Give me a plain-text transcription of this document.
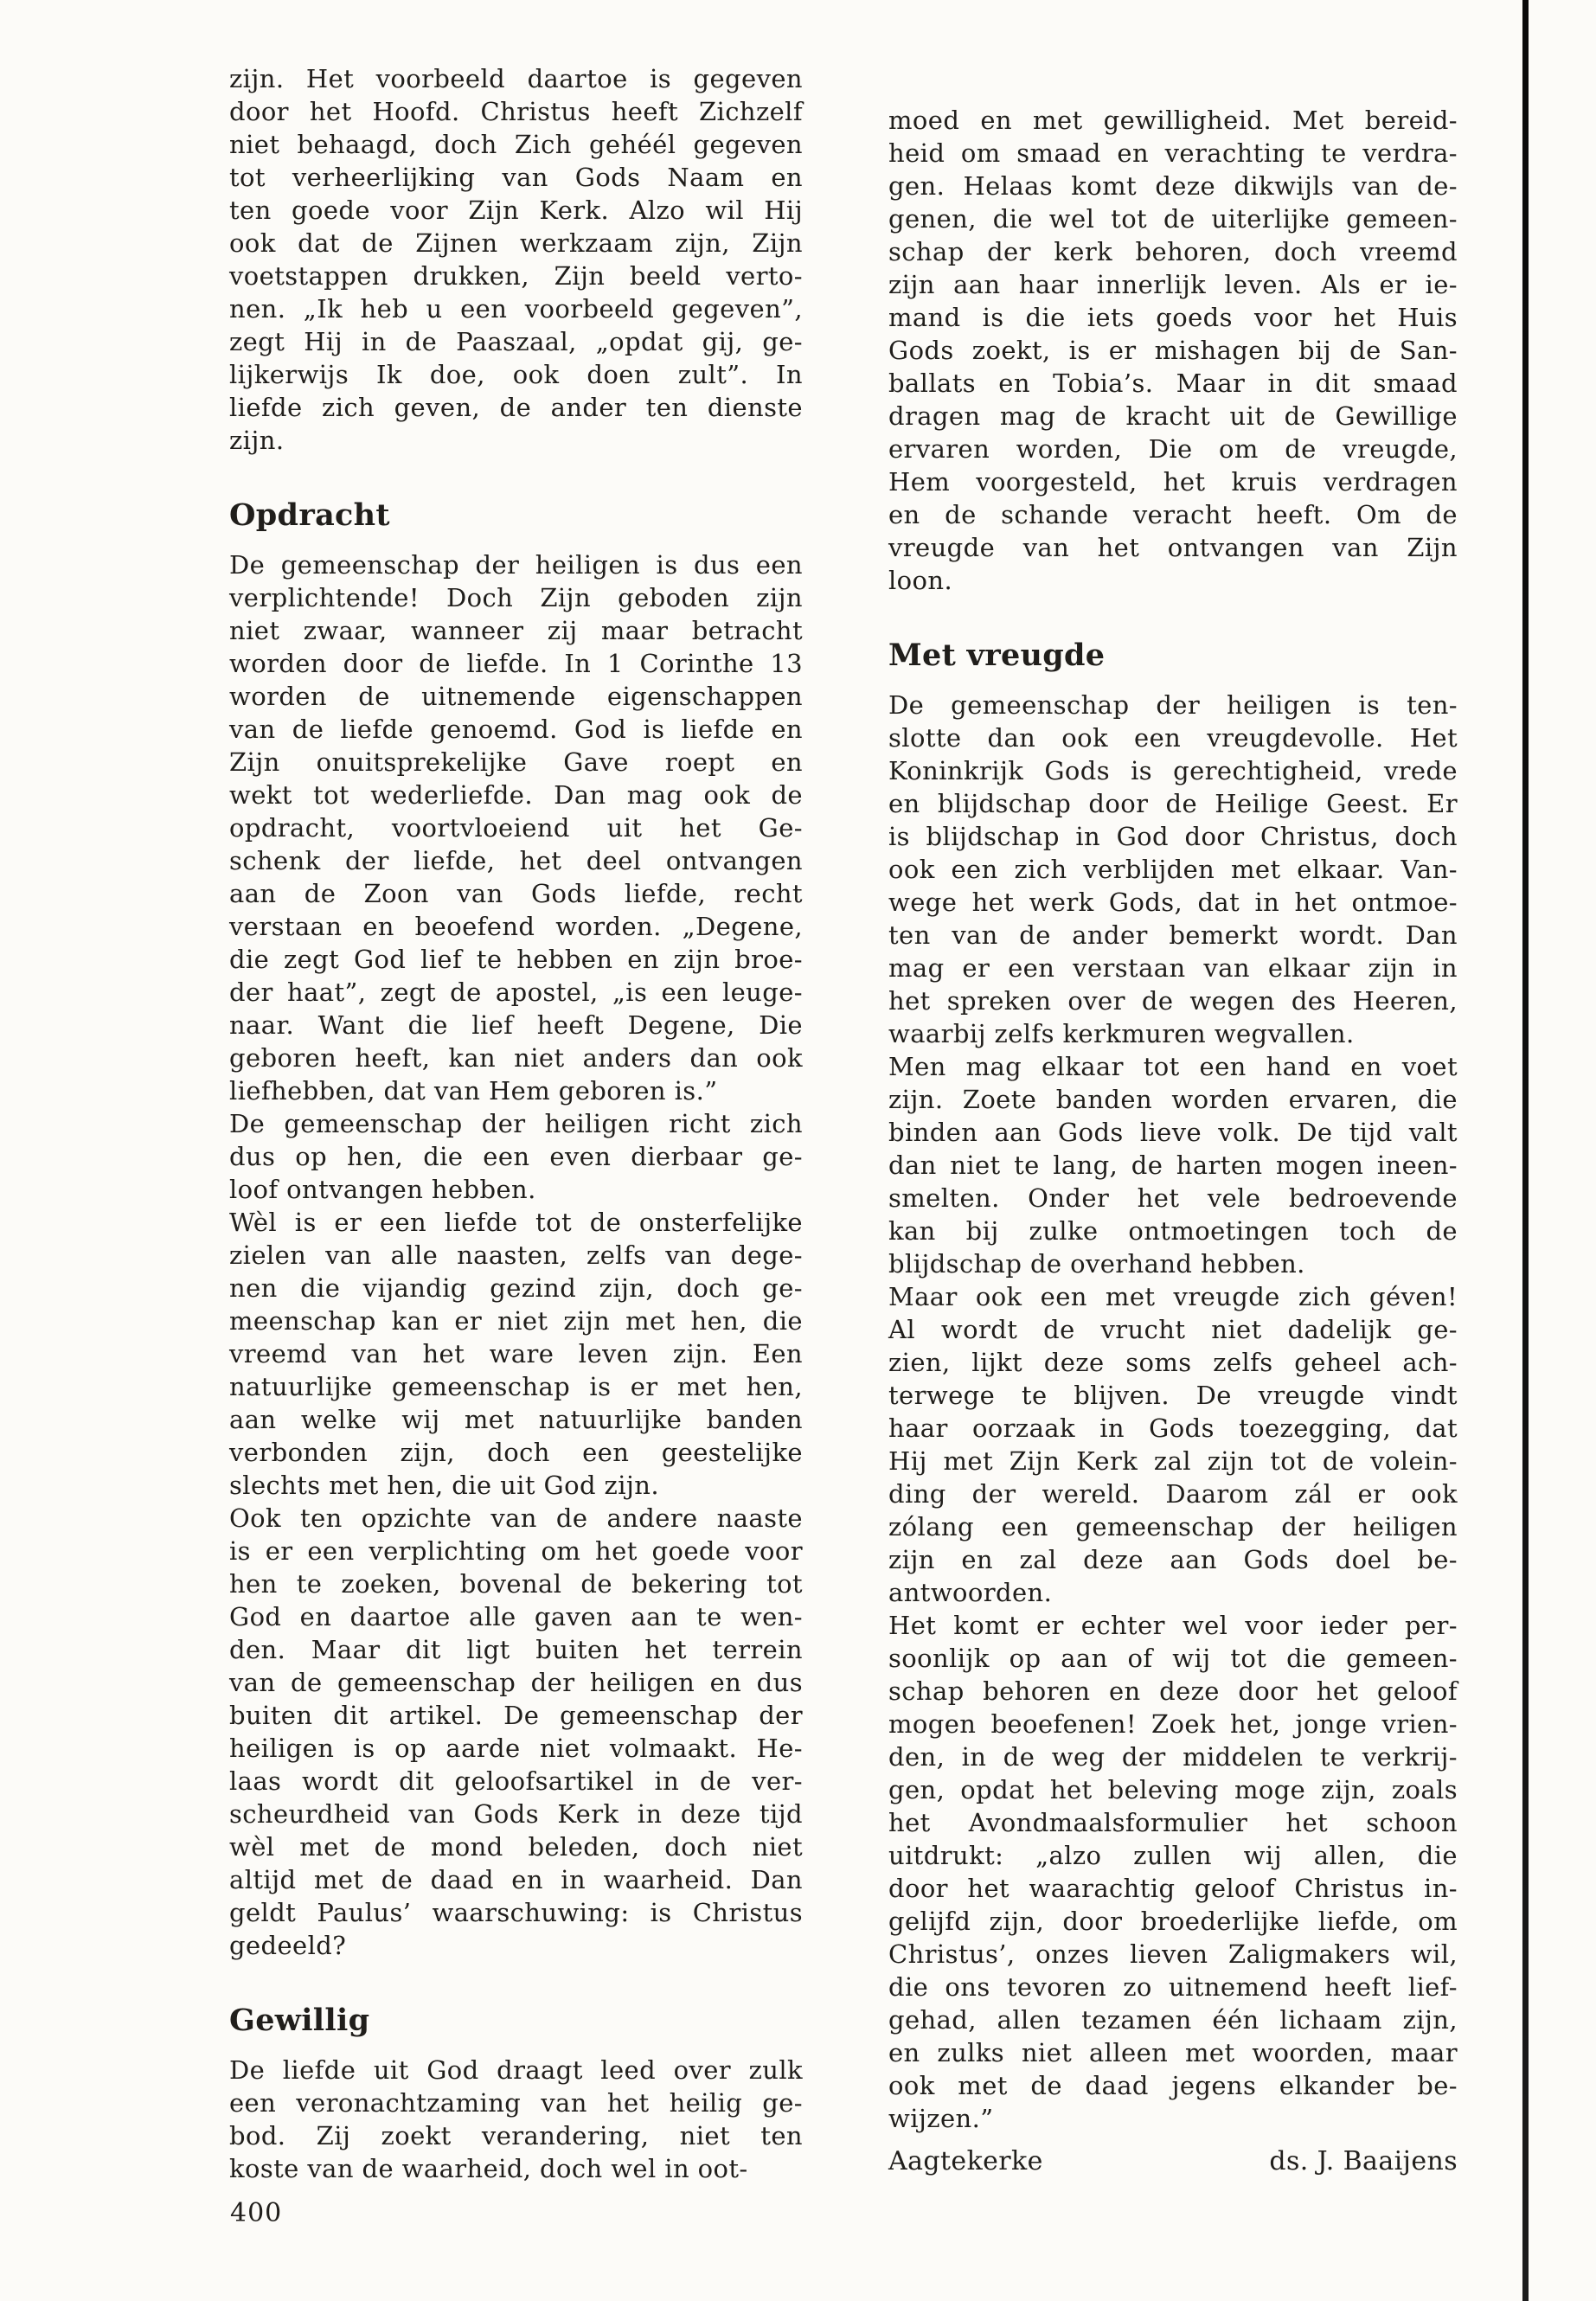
zijn. Het voorbeeld daartoe is gegeven
door het Hoofd. Christus heeft Zichzelf
niet behaagd, doch Zich gehéél gegeven
tot verheerlijking van Gods Naam en
ten goede voor Zijn Kerk. Alzo wil Hij
ook dat de Zijnen werkzaam zijn, Zijn
voetstappen drukken, Zijn beeld verto-
nen. „Ik heb u een voorbeeld gegeven”,
zegt Hij in de Paaszaal, „opdat gij, ge-
lijkerwijs Ik doe, ook doen zult”. In
liefde zich geven, de ander ten dienste
zijn.
Opdracht
De gemeenschap der heiligen is dus een
verplichtende! Doch Zijn geboden zijn
niet zwaar, wanneer zij maar betracht
worden door de liefde. In 1 Corinthe 13
worden de uitnemende eigenschappen
van de liefde genoemd. God is liefde en
Zijn onuitsprekelijke Gave roept en
wekt tot wederliefde. Dan mag ook de
opdracht, voortvloeiend uit het Ge-
schenk der liefde, het deel ontvangen
aan de Zoon van Gods liefde, recht
verstaan en beoefend worden. „Degene,
die zegt God lief te hebben en zijn broe-
der haat”, zegt de apostel, „is een leuge-
naar. Want die lief heeft Degene, Die
geboren heeft, kan niet anders dan ook
liefhebben, dat van Hem geboren is.”
De gemeenschap der heiligen richt zich
dus op hen, die een even dierbaar ge-
loof ontvangen hebben.
Wèl is er een liefde tot de onsterfelijke
zielen van alle naasten, zelfs van dege-
nen die vijandig gezind zijn, doch ge-
meenschap kan er niet zijn met hen, die
vreemd van het ware leven zijn. Een
natuurlijke gemeenschap is er met hen,
aan welke wij met natuurlijke banden
verbonden zijn, doch een geestelijke
slechts met hen, die uit God zijn.
Ook ten opzichte van de andere naaste
is er een verplichting om het goede voor
hen te zoeken, bovenal de bekering tot
God en daartoe alle gaven aan te wen-
den. Maar dit ligt buiten het terrein
van de gemeenschap der heiligen en dus
buiten dit artikel. De gemeenschap der
heiligen is op aarde niet volmaakt. He-
laas wordt dit geloofsartikel in de ver-
scheurdheid van Gods Kerk in deze tijd
wèl met de mond beleden, doch niet
altijd met de daad en in waarheid. Dan
geldt Paulus’ waarschuwing: is Christus
gedeeld?
Gewillig
De liefde uit God draagt leed over zulk
een veronachtzaming van het heilig ge-
bod. Zij zoekt verandering, niet ten
koste van de waarheid, doch wel in oot-
moed en met gewilligheid. Met bereid-
heid om smaad en verachting te verdra-
gen. Helaas komt deze dikwijls van de-
genen, die wel tot de uiterlijke gemeen-
schap der kerk behoren, doch vreemd
zijn aan haar innerlijk leven. Als er ie-
mand is die iets goeds voor het Huis
Gods zoekt, is er mishagen bij de San-
ballats en Tobia’s. Maar in dit smaad
dragen mag de kracht uit de Gewillige
ervaren worden, Die om de vreugde,
Hem voorgesteld, het kruis verdragen
en de schande veracht heeft. Om de
vreugde van het ontvangen van Zijn
loon.
Met vreugde
De gemeenschap der heiligen is ten-
slotte dan ook een vreugdevolle. Het
Koninkrijk Gods is gerechtigheid, vrede
en blijdschap door de Heilige Geest. Er
is blijdschap in God door Christus, doch
ook een zich verblijden met elkaar. Van-
wege het werk Gods, dat in het ontmoe-
ten van de ander bemerkt wordt. Dan
mag er een verstaan van elkaar zijn in
het spreken over de wegen des Heeren,
waarbij zelfs kerkmuren wegvallen.
Men mag elkaar tot een hand en voet
zijn. Zoete banden worden ervaren, die
binden aan Gods lieve volk. De tijd valt
dan niet te lang, de harten mogen ineen-
smelten. Onder het vele bedroevende
kan bij zulke ontmoetingen toch de
blijdschap de overhand hebben.
Maar ook een met vreugde zich géven!
Al wordt de vrucht niet dadelijk ge-
zien, lijkt deze soms zelfs geheel ach-
terwege te blijven. De vreugde vindt
haar oorzaak in Gods toezegging, dat
Hij met Zijn Kerk zal zijn tot de volein-
ding der wereld. Daarom zál er ook
zólang een gemeenschap der heiligen
zijn en zal deze aan Gods doel be-
antwoorden.
Het komt er echter wel voor ieder per-
soonlijk op aan of wij tot die gemeen-
schap behoren en deze door het geloof
mogen beoefenen! Zoek het, jonge vrien-
den, in de weg der middelen te verkrij-
gen, opdat het beleving moge zijn, zoals
het Avondmaalsformulier het schoon
uitdrukt: „alzo zullen wij allen, die
door het waarachtig geloof Christus in-
gelijfd zijn, door broederlijke liefde, om
Christus’, onzes lieven Zaligmakers wil,
die ons tevoren zo uitnemend heeft lief-
gehad, allen tezamen één lichaam zijn,
en zulks niet alleen met woorden, maar
ook met de daad jegens elkander be-
wijzen.”
Aagtekerke	ds. J. Baaijens
400
